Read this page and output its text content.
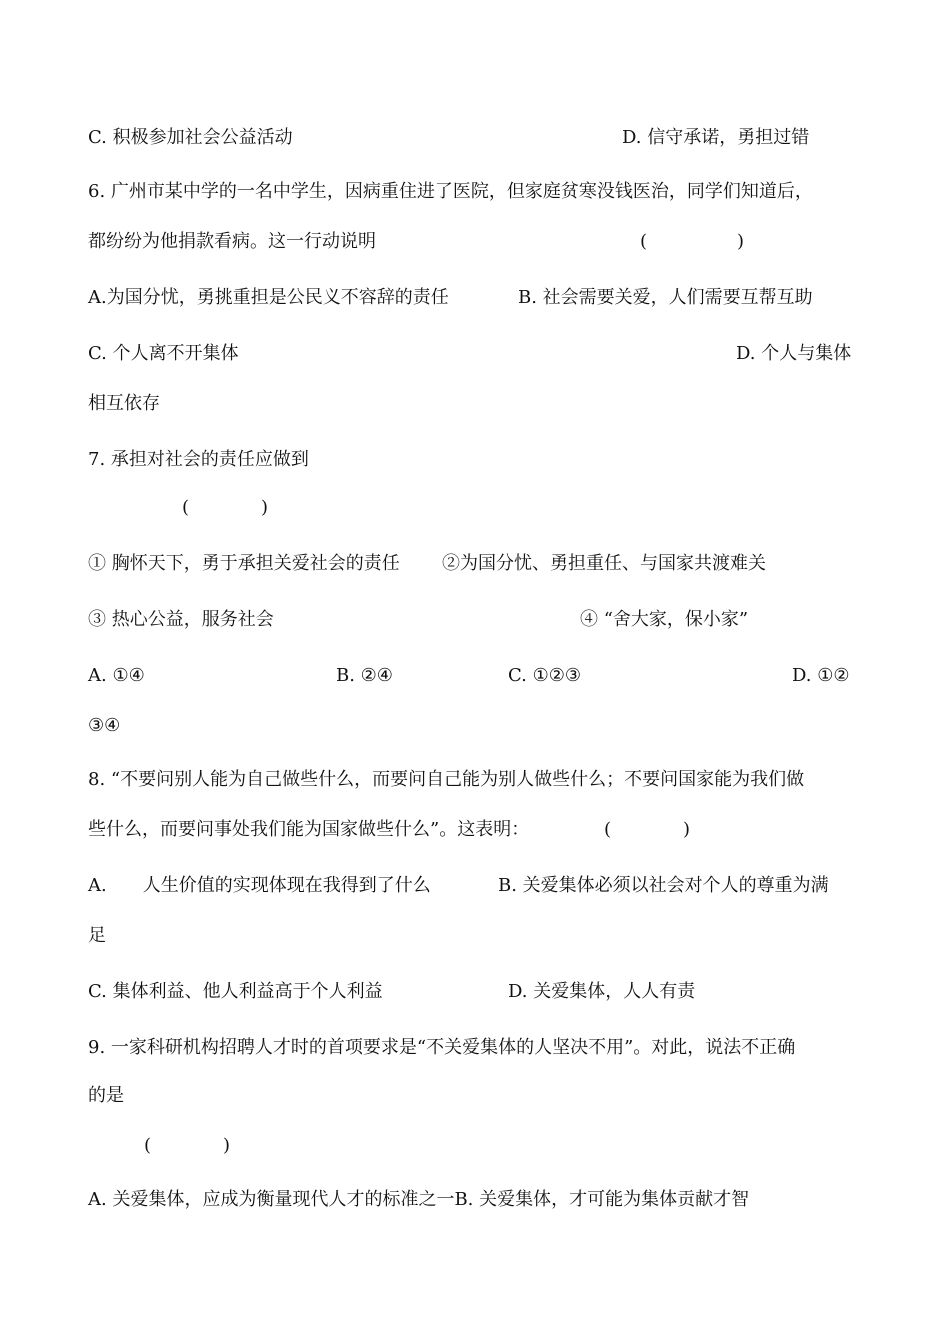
C. 积极参加社会公益活动	D. 信守承诺，勇担过错
6. 广州市某中学的一名中学生，因病重住进了医院，但家庭贫寒没钱医治，同学们知道后，
都纷纷为他捐款看病。这一行动说明	(　　　　　)
A.为国分忧，勇挑重担是公民义不容辞的责任	B. 社会需要关爱，人们需要互帮互助
C. 个人离不开集体	D. 个人与集体
相互依存
7. 承担对社会的责任应做到
(　　　　)
① 胸怀天下，勇于承担关爱社会的责任 ②为国分忧、勇担重任、与国家共渡难关
③ 热心公益，服务社会	④ “舍大家，保小家”
A. ①④	B. ②④	C. ①②③	D. ①②
③④
8. “不要问别人能为自己做些什么，而要问自己能为别人做些什么；不要问国家能为我们做
些什么，而要问事处我们能为国家做些什么”。这表明：	(　　　　)
A.　　人生价值的实现体现在我得到了什么	B. 关爱集体必须以社会对个人的尊重为满
足
C. 集体利益、他人利益高于个人利益	D. 关爱集体，人人有责
9. 一家科研机构招聘人才时的首项要求是“不关爱集体的人坚决不用”。对此，说法不正确
的是
(　　　　)
A. 关爱集体，应成为衡量现代人才的标准之一B. 关爱集体，才可能为集体贡献才智
